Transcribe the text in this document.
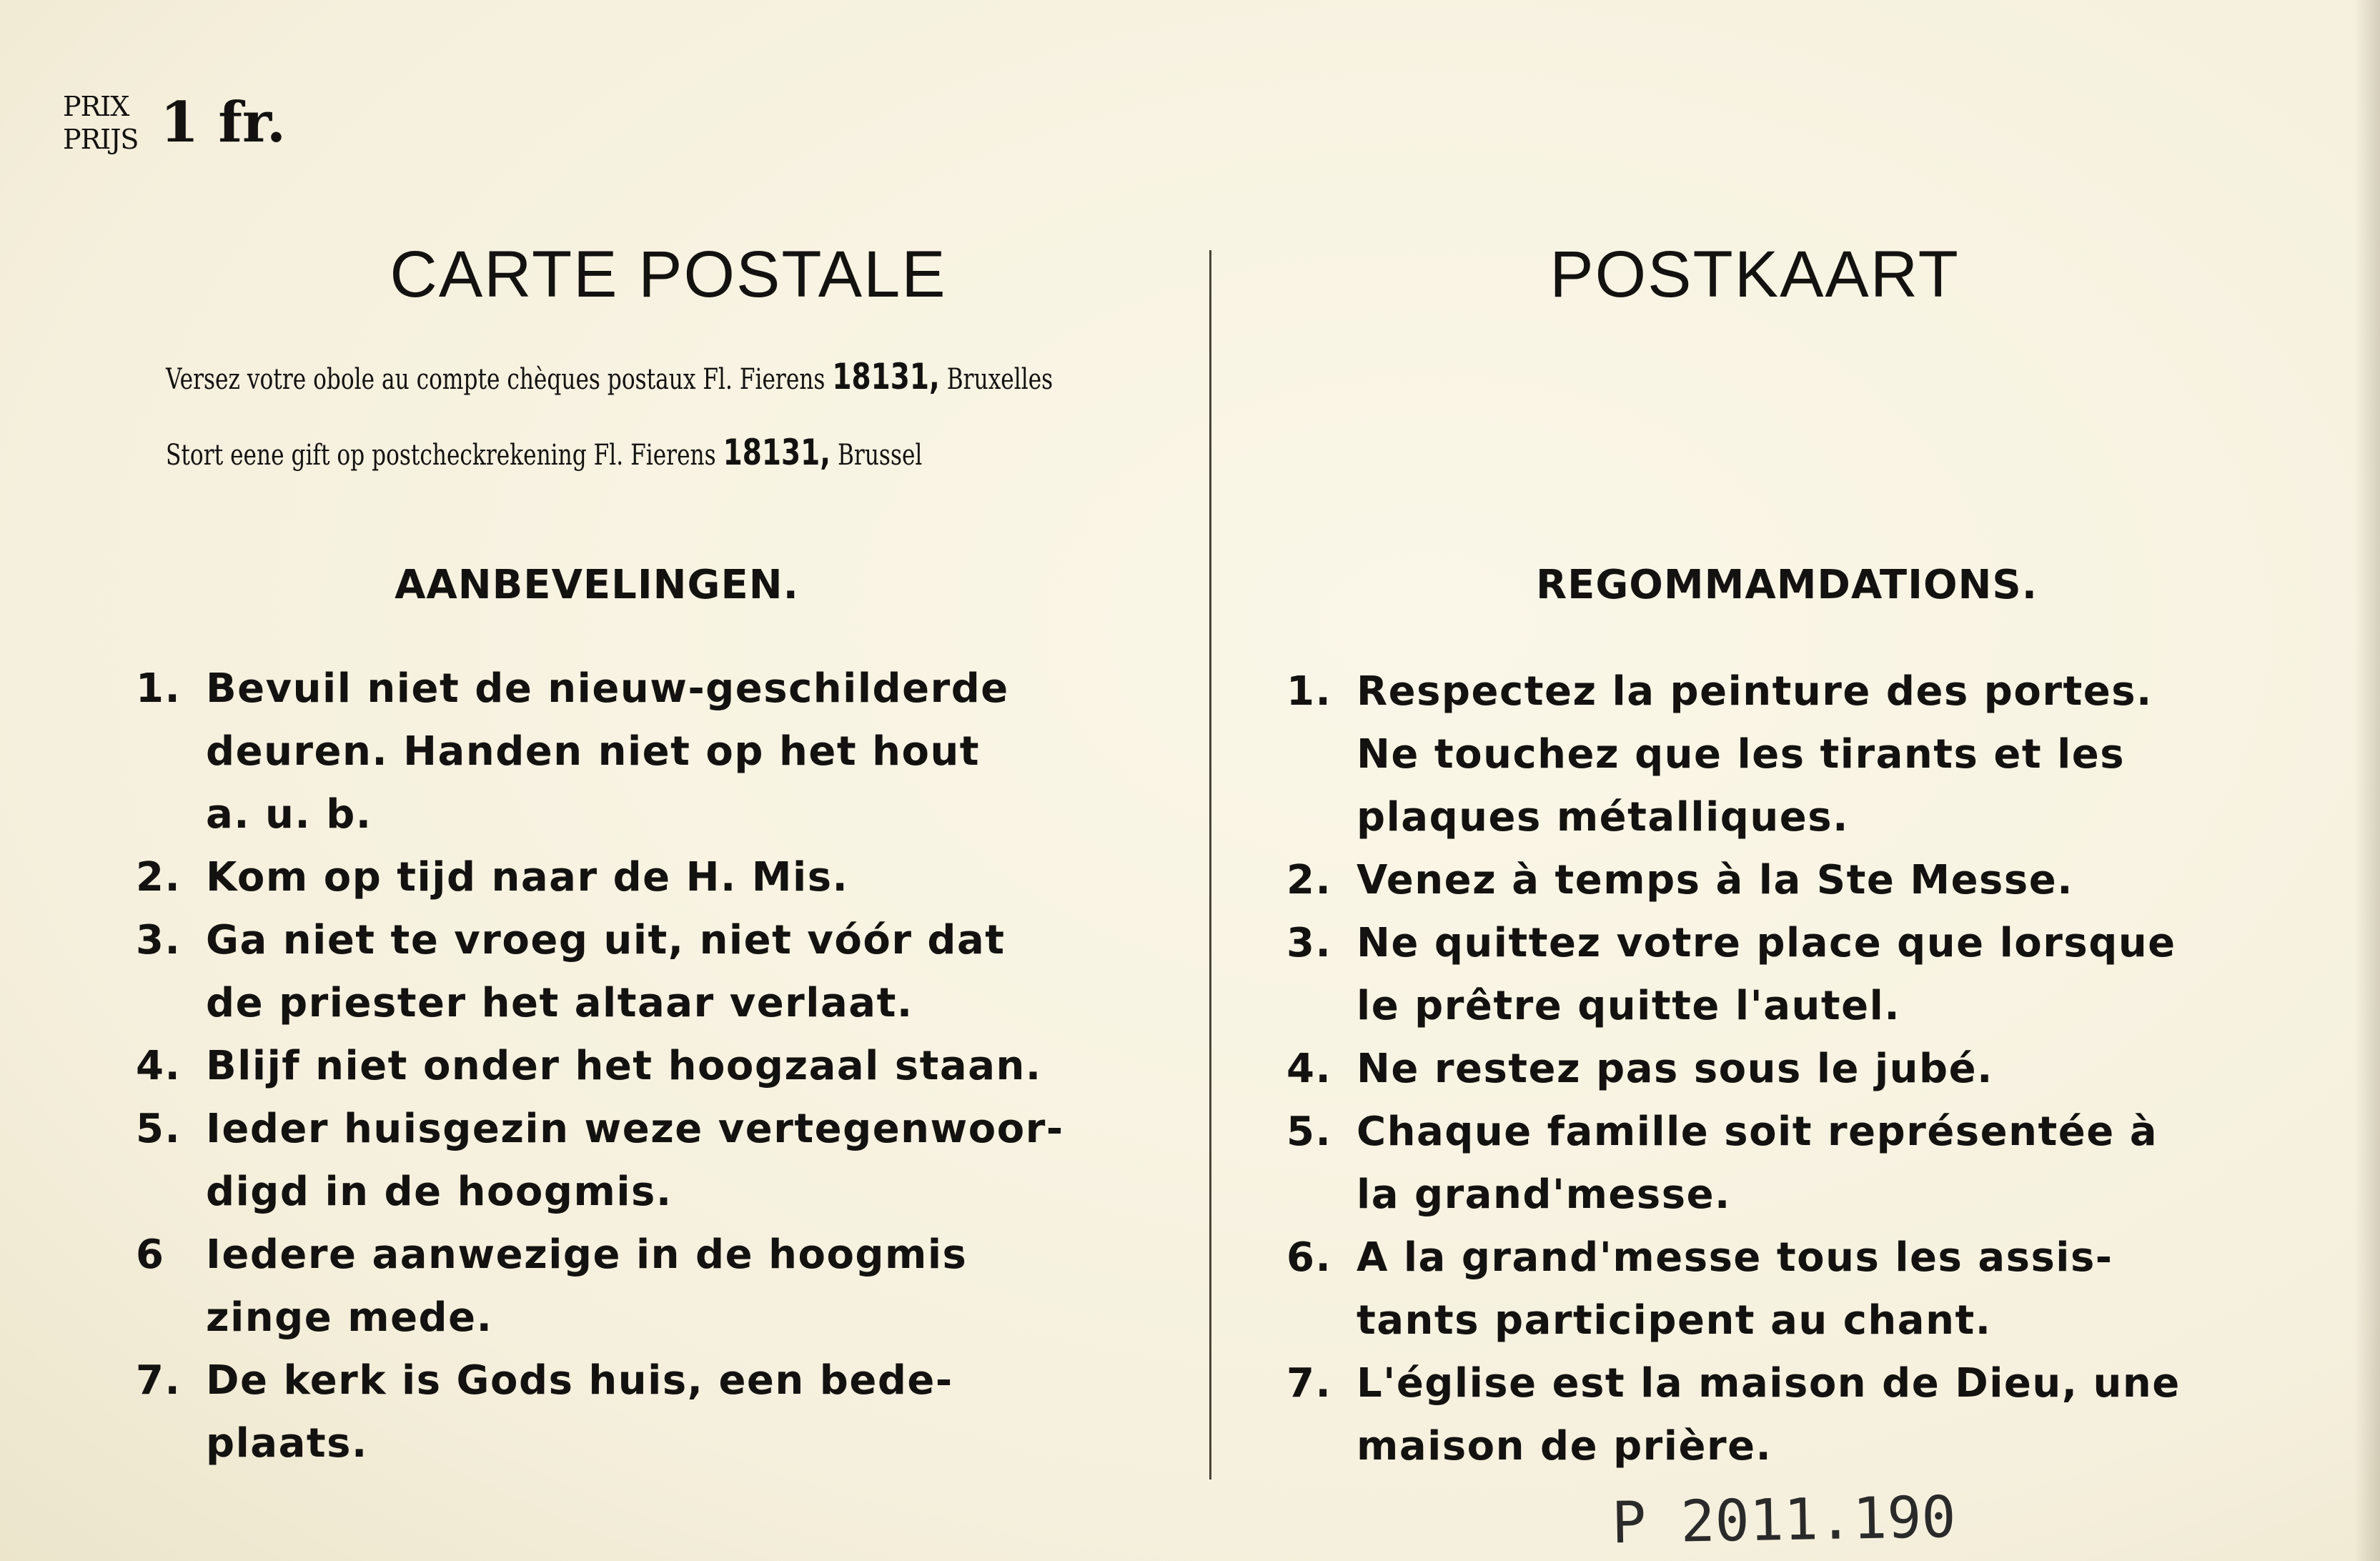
PRIX
PRIJS 1 fr.
CARTE POSTALE	POSTKAART
Versez votre obole au compte chèques postaux Fl. Fierens 18131, Bruxelles
Stort eene gift op postcheckrekening Fl. Fierens 18131, Brussel
AANBEVELINGEN.	REGOMMAMDATIONS.
1. Bevuil niet de nieuw-geschilderde
deuren. Handen niet op het hout
a. u. b.
2. Kom op tijd naar de H. Mis.
3. Ga niet te vroeg uit, niet vóór dat
de priester het altaar verlaat.
4. Blijf niet onder het hoogzaal staan.
5. Ieder huisgezin weze vertegenwoor-
digd in de hoogmis.
6	Iedere aanwezige in de hoogmis
zinge mede.
7. De kerk is Gods huis, een bede-
plaats.
1. Respectez la peinture des portes.
Ne touchez que les tirants et les
plaques métalliques.
2. Venez à temps à la Ste Messe.
3. Ne quittez votre place que lorsque
le prêtre quitte l'autel.
4. Ne restez pas sous le jubé.
5. Chaque famille soit représentée à
la grand'messe.
6. A la grand'messe tous les assis-
tants participent au chant.
7. L'église est la maison de Dieu, une
maison de prière.
P 2011.190
